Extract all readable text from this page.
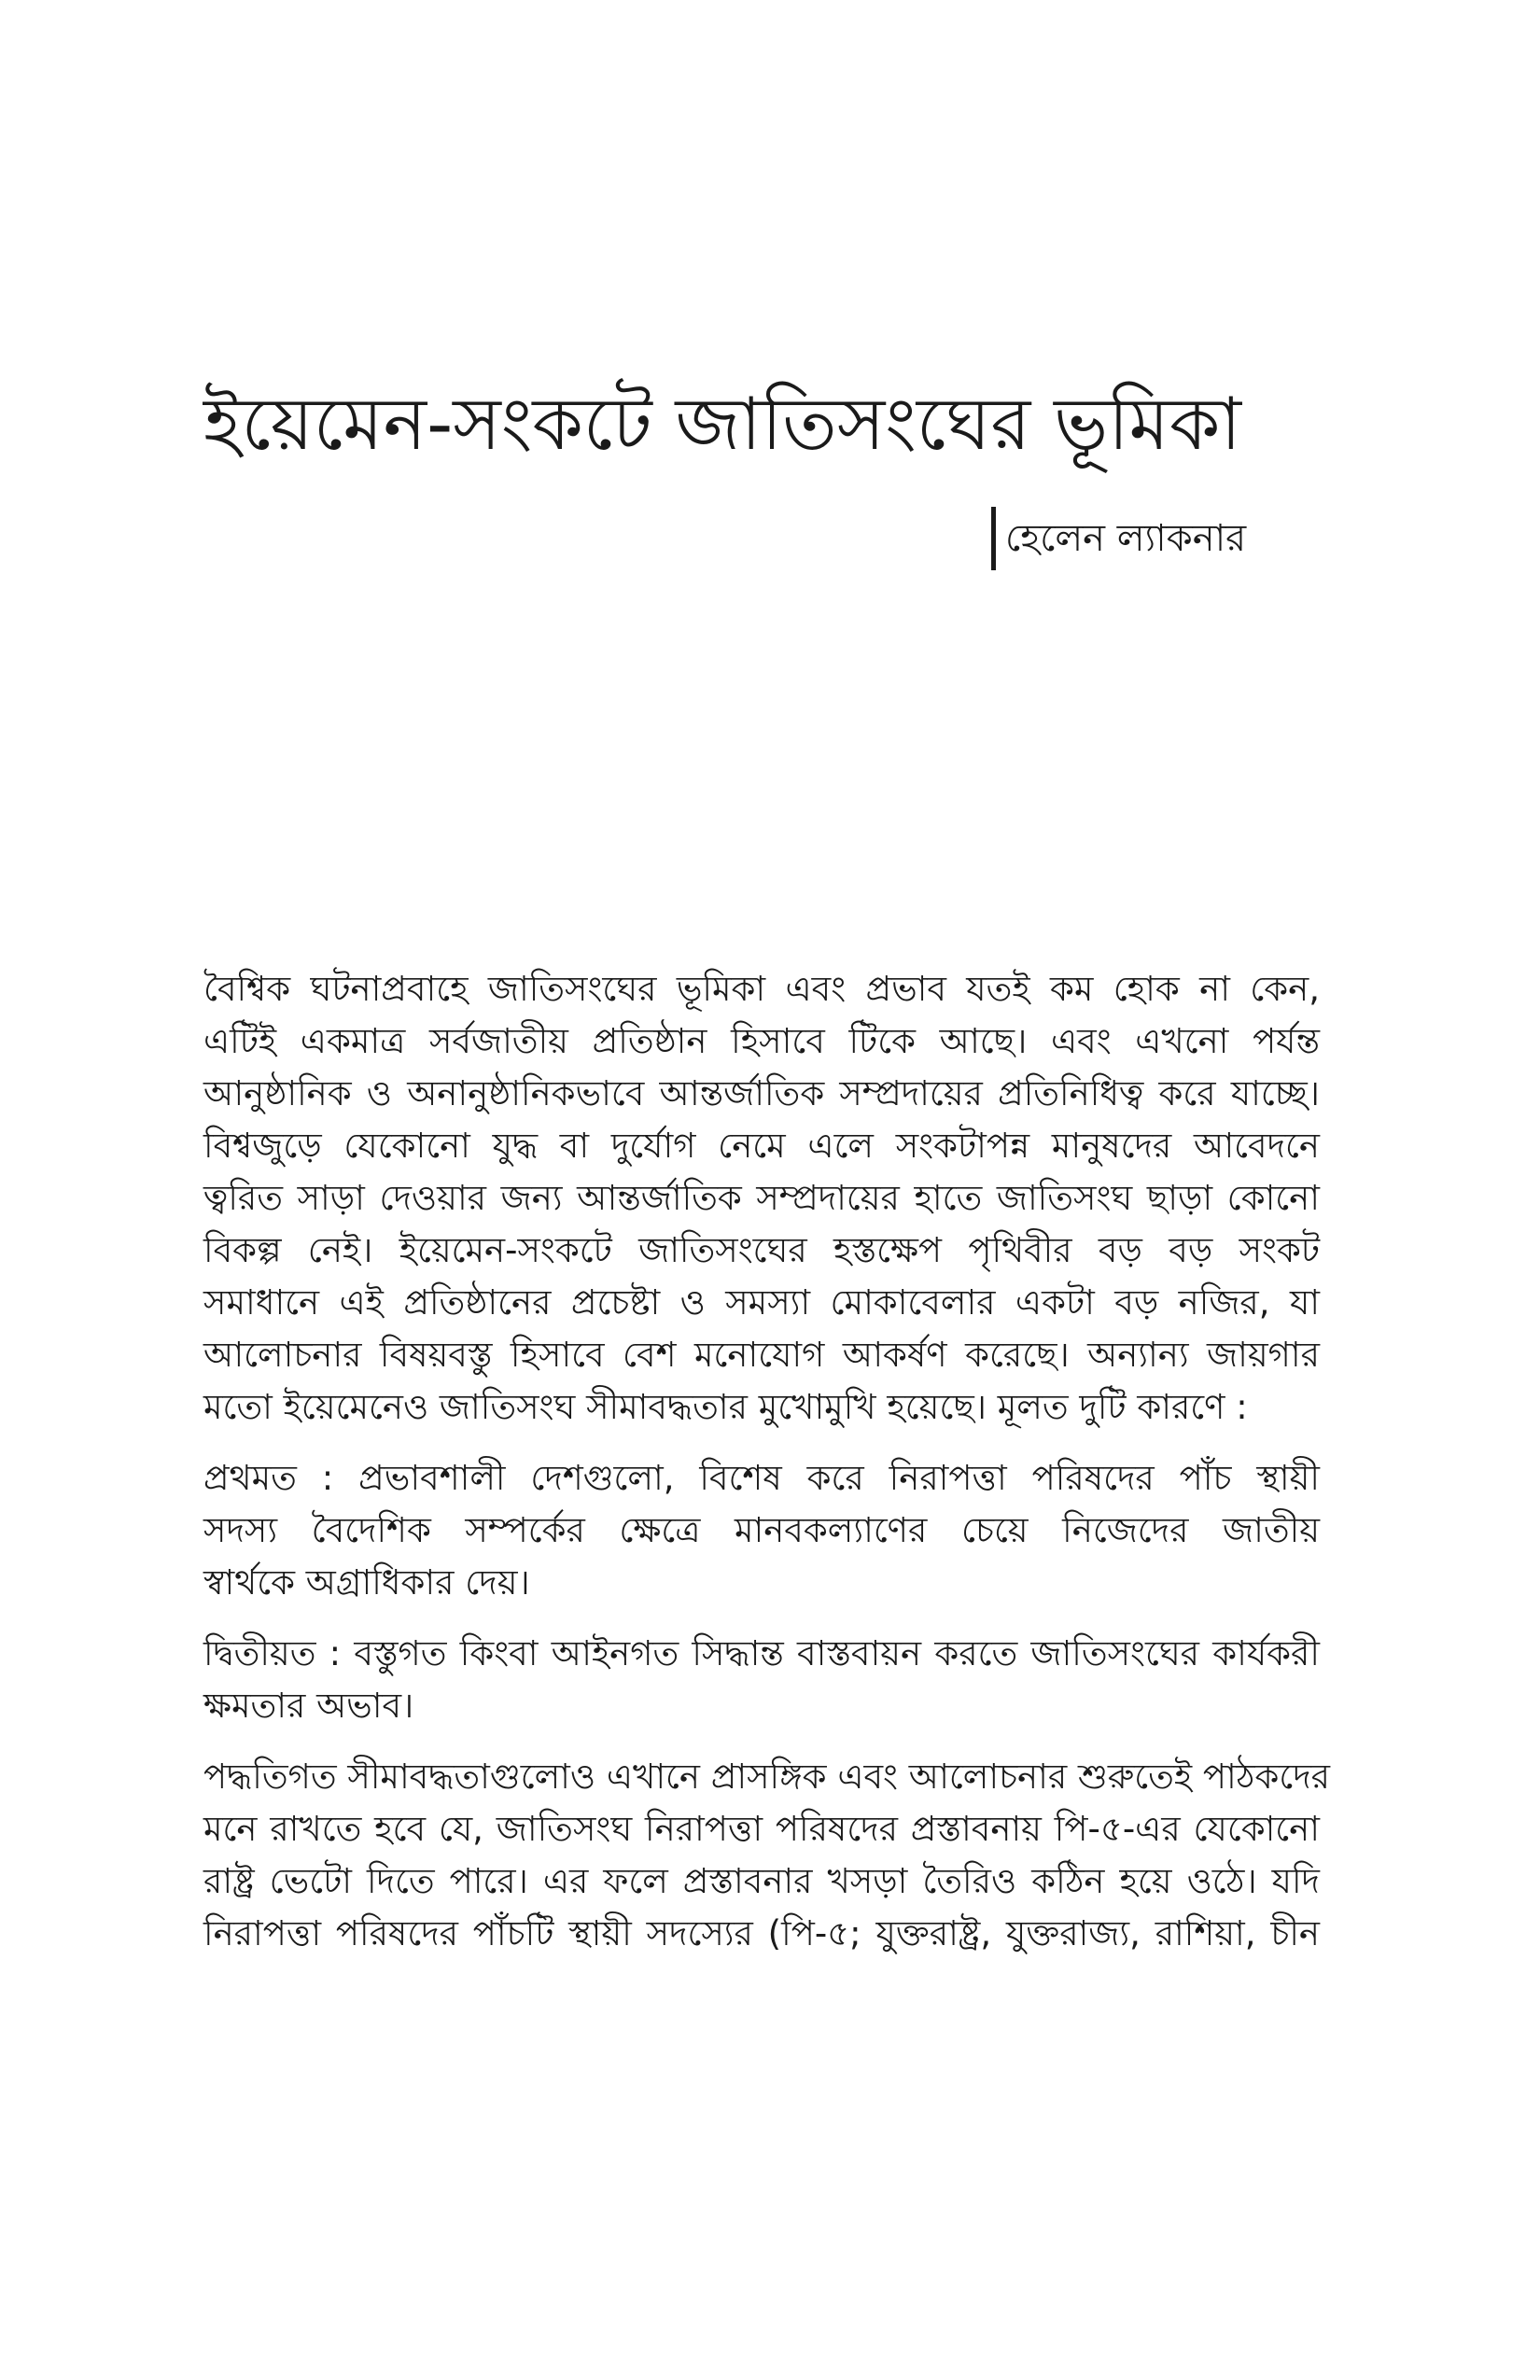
ইয়েমেন-সংকটে জাতিসংঘের ভূমিকা
হেলেন ল্যাকনার

বৈশ্বিক ঘটনাপ্রবাহে জাতিসংঘের ভূমিকা এবং প্রভাব যতই কম হোক না কেন,
এটিই একমাত্র সর্বজাতীয় প্রতিষ্ঠান হিসাবে টিকে আছে। এবং এখনো পর্যন্ত
আনুষ্ঠানিক ও অনানুষ্ঠানিকভাবে আন্তর্জাতিক সম্প্রদায়ের প্রতিনিধিত্ব করে যাচ্ছে।
বিশ্বজুড়ে যেকোনো যুদ্ধ বা দুর্যোগ নেমে এলে সংকটাপন্ন মানুষদের আবেদনে
ত্বরিত সাড়া দেওয়ার জন্য আন্তর্জাতিক সম্প্রদায়ের হাতে জাতিসংঘ ছাড়া কোনো
বিকল্প নেই। ইয়েমেন-সংকটে জাতিসংঘের হস্তক্ষেপ পৃথিবীর বড় বড় সংকট
সমাধানে এই প্রতিষ্ঠানের প্রচেষ্টা ও সমস্যা মোকাবেলার একটা বড় নজির, যা
আলোচনার বিষয়বস্তু হিসাবে বেশ মনোযোগ আকর্ষণ করেছে। অন্যান্য জায়গার
মতো ইয়েমেনেও জাতিসংঘ সীমাবদ্ধতার মুখোমুখি হয়েছে। মূলত দুটি কারণে :

প্রথমত : প্রভাবশালী দেশগুলো, বিশেষ করে নিরাপত্তা পরিষদের পাঁচ স্থায়ী
সদস্য বৈদেশিক সম্পর্কের ক্ষেত্রে মানবকল্যাণের চেয়ে নিজেদের জাতীয়
স্বার্থকে অগ্রাধিকার দেয়।

দ্বিতীয়ত : বস্তুগত কিংবা আইনগত সিদ্ধান্ত বাস্তবায়ন করতে জাতিসংঘের কার্যকরী
ক্ষমতার অভাব।

পদ্ধতিগত সীমাবদ্ধতাগুলোও এখানে প্রাসঙ্গিক এবং আলোচনার শুরুতেই পাঠকদের
মনে রাখতে হবে যে, জাতিসংঘ নিরাপত্তা পরিষদের প্রস্তাবনায় পি-৫-এর যেকোনো
রাষ্ট্র ভেটো দিতে পারে। এর ফলে প্রস্তাবনার খসড়া তৈরিও কঠিন হয়ে ওঠে। যদি
নিরাপত্তা পরিষদের পাঁচটি স্থায়ী সদস্যের (পি-৫; যুক্তরাষ্ট্র, যুক্তরাজ্য, রাশিয়া, চীন
